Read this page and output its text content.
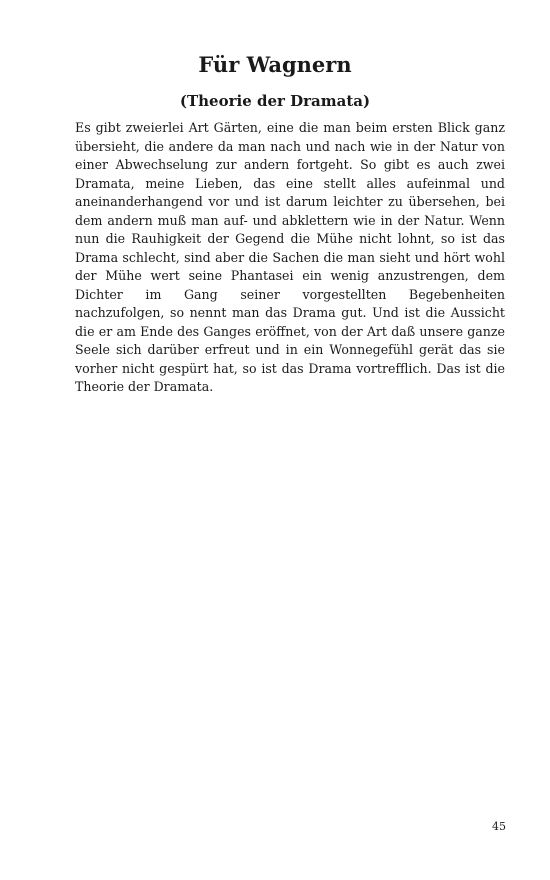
Für Wagnern
(Theorie der Dramata)

Es gibt zweierlei Art Gärten, eine die man beim ersten Blick ganz übersieht, die andere da man nach und nach wie in der Natur von einer Abwechselung zur andern fortgeht. So gibt es auch zwei Dramata, meine Lieben, das eine stellt alles aufeinmal und aneinanderhangend vor und ist darum leichter zu übersehen, bei dem andern muß man auf- und abklettern wie in der Natur. Wenn nun die Rauhigkeit der Gegend die Mühe nicht lohnt, so ist das Drama schlecht, sind aber die Sachen die man sieht und hört wohl der Mühe wert seine Phantasei ein wenig anzustrengen, dem Dichter im Gang seiner vorgestellten Begebenheiten nachzufolgen, so nennt man das Drama gut. Und ist die Aussicht die er am Ende des Ganges eröffnet, von der Art daß unsere ganze Seele sich darüber erfreut und in ein Wonnegefühl gerät das sie vorher nicht gespürt hat, so ist das Drama vortrefflich. Das ist die Theorie der Dramata.

45
